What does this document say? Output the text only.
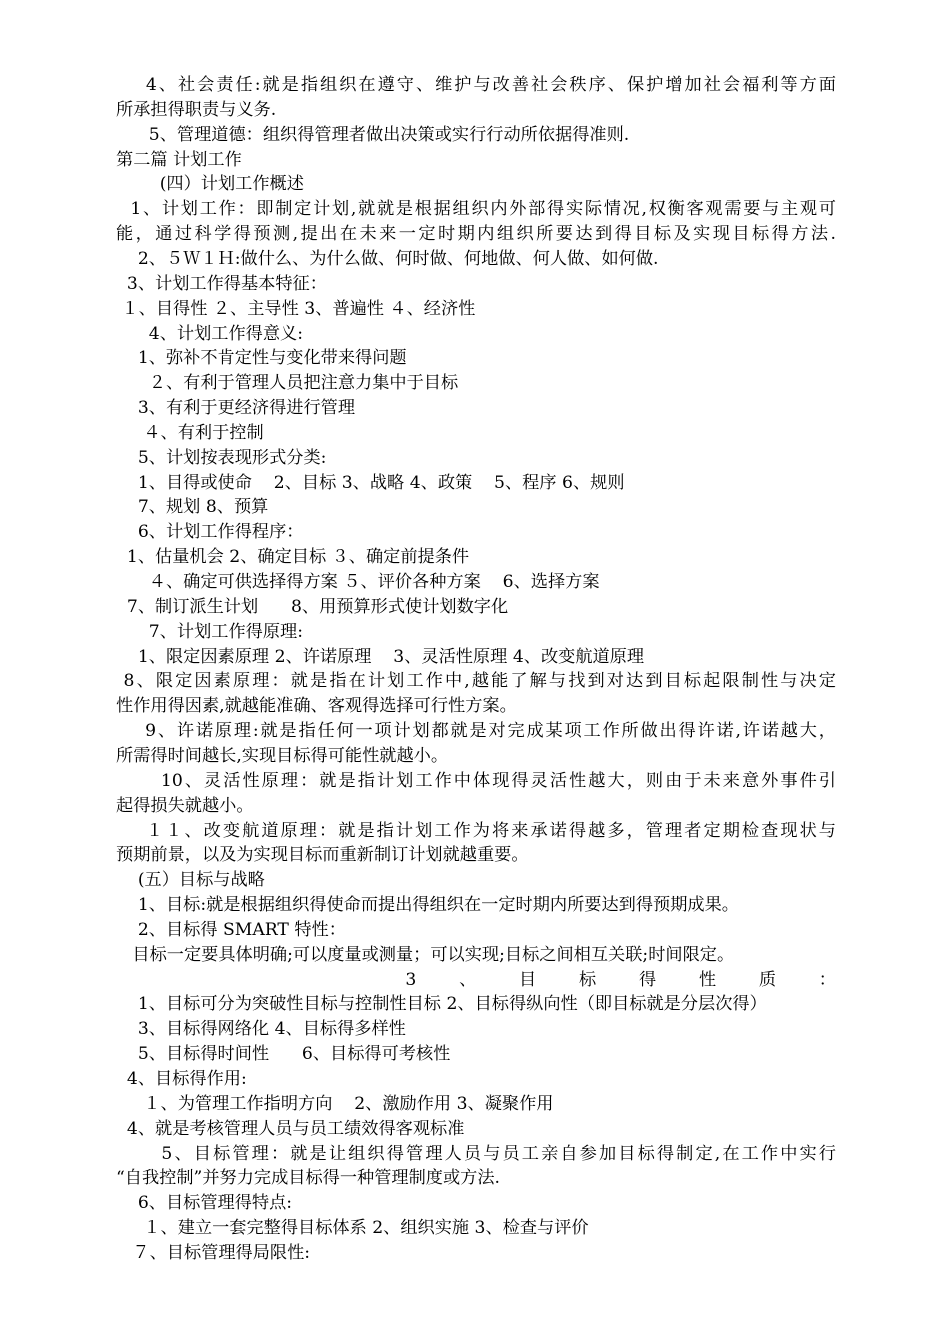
4、社会责任:就是指组织在遵守、维护与改善社会秩序、保护增加社会福利等方面
所承担得职责与义务.
5、管理道德：组织得管理者做出决策或实行行动所依据得准则.
第二篇 计划工作
(四）计划工作概述
1、计划工作：即制定计划,就就是根据组织内外部得实际情况,权衡客观需要与主观可
能，通过科学得预测,提出在未来一定时期内组织所要达到得目标及实现目标得方法.
2、５Ｗ１Ｈ:做什么、为什么做、何时做、何地做、何人做、如何做.
3、计划工作得基本特征：
１、目得性 ２、主导性 3、普遍性 ４、经济性
4、计划工作得意义:
1、弥补不肯定性与变化带来得问题
２、有利于管理人员把注意力集中于目标
3、有利于更经济得进行管理
４、有利于控制
5、计划按表现形式分类:
1、目得或使命    2、目标 3、战略 4、政策    5、程序 6、规则
7、规划 8、预算
6、计划工作得程序：
1、估量机会 2、确定目标 ３、确定前提条件
４、确定可供选择得方案 ５、评价各种方案    6、选择方案
7、制订派生计划      8、用预算形式使计划数字化
7、计划工作得原理:
1、限定因素原理 2、许诺原理    3、灵活性原理 4、改变航道原理
8、限定因素原理：就是指在计划工作中,越能了解与找到对达到目标起限制性与决定
性作用得因素,就越能准确、客观得选择可行性方案。
9、许诺原理:就是指任何一项计划都就是对完成某项工作所做出得许诺,许诺越大，
所需得时间越长,实现目标得可能性就越小。
10、灵活性原理：就是指计划工作中体现得灵活性越大，则由于未来意外事件引
起得损失就越小。
１１、改变航道原理：就是指计划工作为将来承诺得越多，管理者定期检查现状与
预期前景，以及为实现目标而重新制订计划就越重要。
(五）目标与战略
1、目标:就是根据组织得使命而提出得组织在一定时期内所要达到得预期成果。
2、目标得 SMART 特性：
目标一定要具体明确;可以度量或测量；可以实现;目标之间相互关联;时间限定。
3、目标得性质：
1、目标可分为突破性目标与控制性目标 2、目标得纵向性（即目标就是分层次得）
3、目标得网络化 4、目标得多样性
5、目标得时间性      6、目标得可考核性
4、目标得作用:
１、为管理工作指明方向    2、激励作用 3、凝聚作用
4、就是考核管理人员与员工绩效得客观标准
5、目标管理：就是让组织得管理人员与员工亲自参加目标得制定,在工作中实行
“自我控制”并努力完成目标得一种管理制度或方法.
6、目标管理得特点:
１、建立一套完整得目标体系 2、组织实施 3、检查与评价
７、目标管理得局限性:
